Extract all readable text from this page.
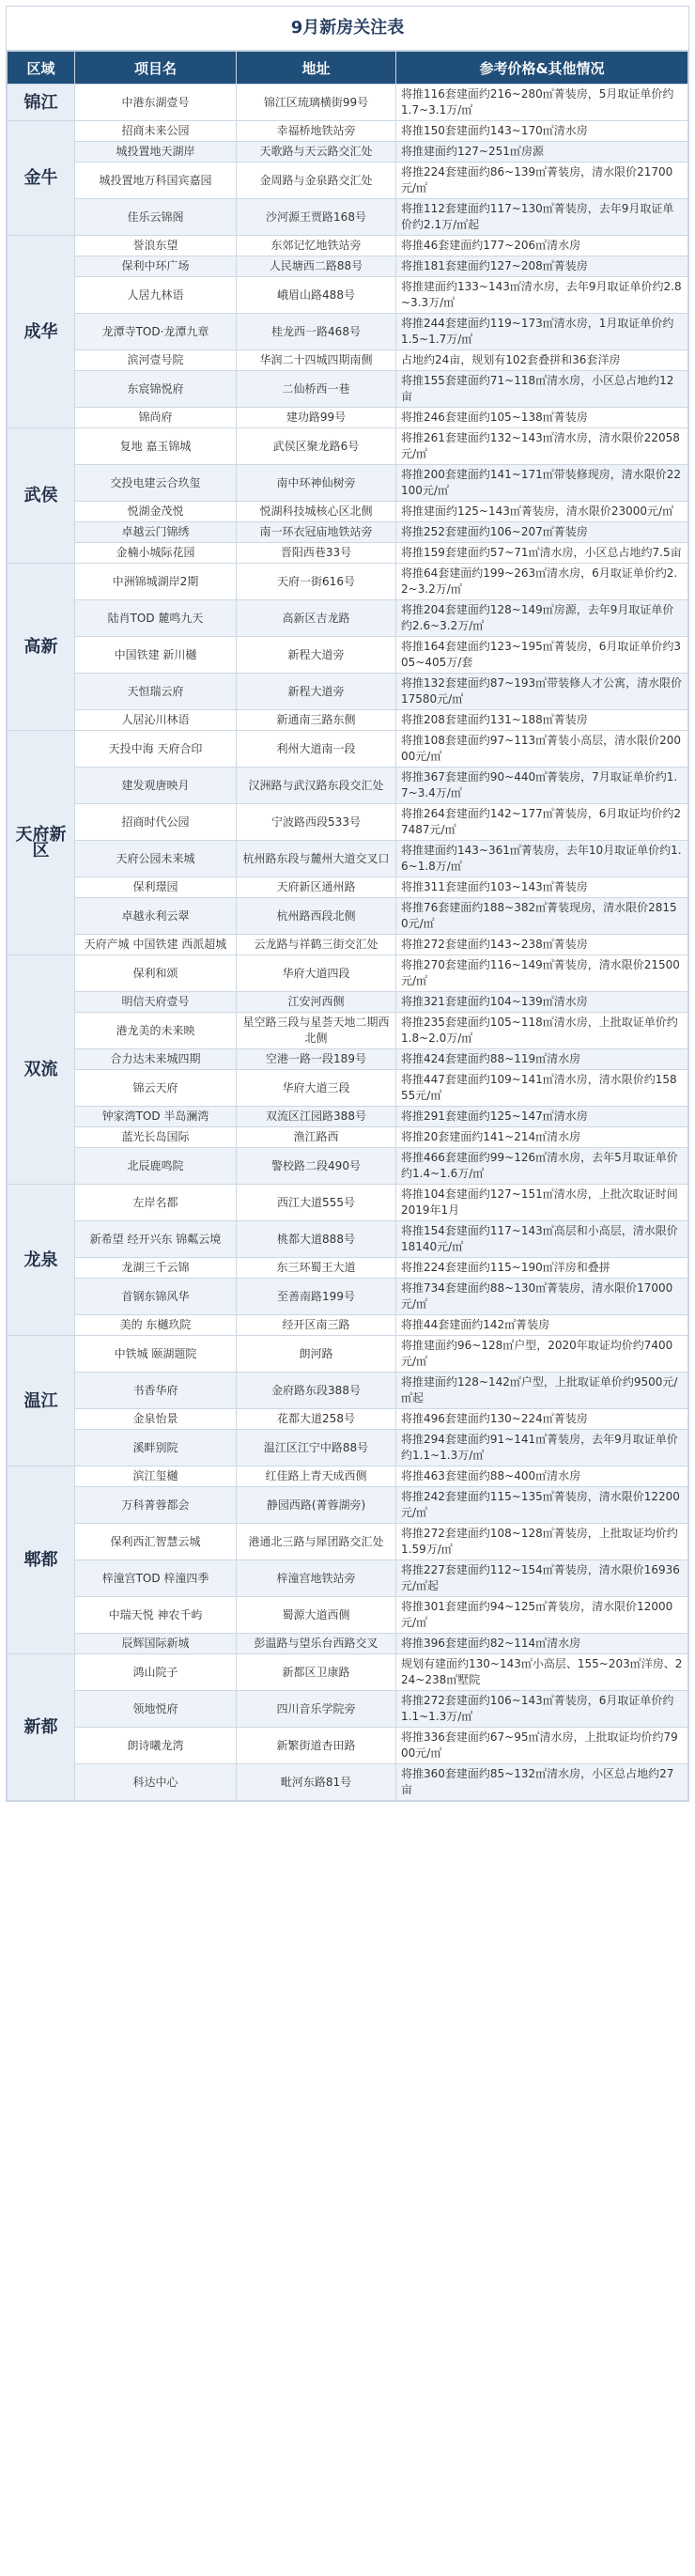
9月新房关注表
区域	项目名	地址	参考价格&其他情况
锦江	中港东湖壹号	锦江区琉璃横街99号	将推116套建面约216~280㎡菁装房，5月取证单价约1.7~3.1万/㎡
金牛	招商未来公园	幸福桥地铁站旁	将推150套建面约143~170㎡清水房
	城投置地天湖岸	天歌路与天云路交汇处	将推建面约127~251㎡房源
	城投置地万科国宾嘉园	金周路与金泉路交汇处	将推224套建面约86~139㎡菁装房，清水限价21700元/㎡
	佳乐云锦阁	沙河源王贾路168号	将推112套建面约117~130㎡菁装房，去年9月取证单价约2.1万/㎡起
成华	誉浪东望	东郊记忆地铁站旁	将推46套建面约177~206㎡清水房
	保利中环广场	人民塘西二路88号	将推181套建面约127~208㎡菁装房
	人居九林语	峨眉山路488号	将推建面约133~143㎡清水房，去年9月取证单价约2.8~3.3万/㎡
	龙潭寺TOD·龙潭九章	桂龙西一路468号	将推244套建面约119~173㎡清水房，1月取证单价约1.5~1.7万/㎡
	滨河壹号院	华润二十四城四期南侧	占地约24亩，规划有102套叠拼和36套洋房
	东宸锦悦府	二仙桥西一巷	将推155套建面约71~118㎡清水房，小区总占地约12亩
	锦尚府	建功路99号	将推246套建面约105~138㎡菁装房
武侯	复地 嘉玉锦城	武侯区聚龙路6号	将推261套建面约132~143㎡清水房，清水限价22058元/㎡
	交投电建云合玖玺	南中环神仙树旁	将推200套建面约141~171㎡带装修现房，清水限价22100元/㎡
	悦湖金茂悦	悦湖科技城核心区北侧	将推建面约125~143㎡菁装房，清水限价23000元/㎡
	卓越云门锦绣	南一环衣冠庙地铁站旁	将推252套建面约106~207㎡菁装房
	金楠小城际花园	晋阳西巷33号	将推159套建面约57~71㎡清水房，小区总占地约7.5亩
高新	中洲锦城湖岸2期	天府一街616号	将推64套建面约199~263㎡清水房，6月取证单价约2.2~3.2万/㎡
	陆肖TOD 麓鸣九天	高新区吉龙路	将推204套建面约128~149㎡房源，去年9月取证单价约2.6~3.2万/㎡
	中国铁建 新川樾	新程大道旁	将推164套建面约123~195㎡菁装房，6月取证单价约305~405万/套
	天恒瑞云府	新程大道旁	将推132套建面约87~193㎡带装修人才公寓，清水限价17580元/㎡
	人居沁川林语	新通南三路东侧	将推208套建面约131~188㎡菁装房
天府新区	天投中海 天府合印	利州大道南一段	将推108套建面约97~113㎡菁装小高层，清水限价20000元/㎡
	建发观唐映月	汉洲路与武汉路东段交汇处	将推367套建面约90~440㎡菁装房，7月取证单价约1.7~3.4万/㎡
	招商时代公园	宁波路西段533号	将推264套建面约142~177㎡菁装房，6月取证均价约27487元/㎡
	天府公园未来城	杭州路东段与麓州大道交叉口	将推建面约143~361㎡菁装房，去年10月取证单价约1.6~1.8万/㎡
	保利璟园	天府新区通州路	将推311套建面约103~143㎡菁装房
	卓越永利云翠	杭州路西段北侧	将推76套建面约188~382㎡菁装现房，清水限价28150元/㎡
	天府产城 中国铁建 西派超城	云龙路与祥鹤三街交汇处	将推272套建面约143~238㎡菁装房
双流	保利和颂	华府大道四段	将推270套建面约116~149㎡菁装房，清水限价21500元/㎡
	明信天府壹号	江安河西侧	将推321套建面约104~139㎡清水房
	港龙美的未来映	星空路三段与星荟天地二期西北侧	将推235套建面约105~118㎡清水房，上批取证单价约1.8~2.0万/㎡
	合力达未来城四期	空港一路一段189号	将推424套建面约88~119㎡清水房
	锦云天府	华府大道三段	将推447套建面约109~141㎡清水房，清水限价约15855元/㎡
	钟家湾TOD 半岛澜湾	双流区江园路388号	将推291套建面约125~147㎡清水房
	蓝光长岛国际	渔江路西	将推20套建面约141~214㎡清水房
	北辰鹿鸣院	警校路二段490号	将推466套建面约99~126㎡清水房，去年5月取证单价约1.4~1.6万/㎡
龙泉	左岸名都	西江大道555号	将推104套建面约127~151㎡清水房，上批次取证时间2019年1月
	新希望 经开兴东 锦粼云境	桃都大道888号	将推154套建面约117~143㎡高层和小高层，清水限价18140元/㎡
	龙湖三千云锦	东三环蜀王大道	将推224套建面约115~190㎡洋房和叠拼
	首钢东锦风华	至善南路199号	将推734套建面约88~130㎡菁装房，清水限价17000元/㎡
	美的 东樾玖院	经开区南三路	将推44套建面约142㎡菁装房
温江	中铁城 颐湖题院	朗河路	将推建面约96~128㎡户型，2020年取证均价约7400元/㎡
	书香华府	金府路东段388号	将推建面约128~142㎡户型，上批取证单价约9500元/㎡起
	金泉怡景	花都大道258号	将推496套建面约130~224㎡菁装房
	溪畔别院	温江区江宁中路88号	将推294套建面约91~141㎡菁装房，去年9月取证单价约1.1~1.3万/㎡
郫都	滨江玺樾	红佳路上青天成西侧	将推463套建面约88~400㎡清水房
	万科菁蓉都会	静园西路(菁蓉湖旁)	将推242套建面约115~135㎡菁装房，清水限价12200元/㎡
	保利西汇智慧云城	港通北三路与犀团路交汇处	将推272套建面约108~128㎡菁装房，上批取证均价约1.59万/㎡
	梓潼宫TOD 梓潼四季	梓潼宫地铁站旁	将推227套建面约112~154㎡菁装房，清水限价16936元/㎡起
	中瑞天悦 神农千屿	蜀源大道西侧	将推301套建面约94~125㎡菁装房，清水限价12000元/㎡
	辰辉国际新城	彭温路与望乐台西路交叉	将推396套建面约82~114㎡清水房
新都	鸿山院子	新都区卫康路	规划有建面约130~143㎡小高层、155~203㎡洋房、224~238㎡墅院
	领地悦府	四川音乐学院旁	将推272套建面约106~143㎡菁装房，6月取证单价约1.1~1.3万/㎡
	朗诗曦龙湾	新繁街道杏田路	将推336套建面约67~95㎡清水房，上批取证均价约7900元/㎡
	科达中心	毗河东路81号	将推360套建面约85~132㎡清水房，小区总占地约27亩
